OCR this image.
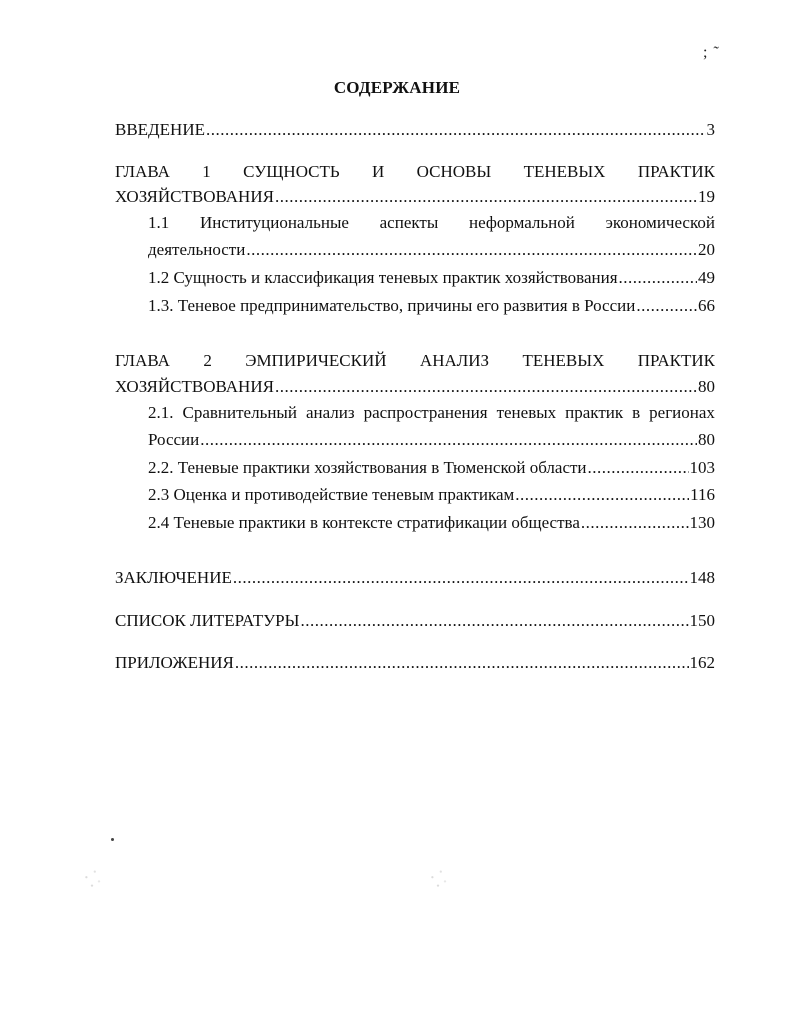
; ˜
СОДЕРЖАНИЕ
ВВЕДЕНИЕ .....	3
ГЛАВА 1 СУЩНОСТЬ И ОСНОВЫ ТЕНЕВЫХ ПРАКТИК
ХОЗЯЙСТВОВАНИЯ .....	19
1.1 Институциональные аспекты неформальной экономической
деятельности .....	20
1.2 Сущность и классификация теневых практик хозяйствования .....	49
1.3. Теневое предпринимательство, причины его развития в России .....	66
ГЛАВА 2 ЭМПИРИЧЕСКИЙ АНАЛИЗ ТЕНЕВЫХ ПРАКТИК
ХОЗЯЙСТВОВАНИЯ .....	80
2.1. Сравнительный анализ распространения теневых практик в регионах
России .....	80
2.2. Теневые практики хозяйствования в Тюменской области .....	103
2.3 Оценка и противодействие теневым практикам .....	116
2.4 Теневые практики в контексте стратификации общества .....	130
ЗАКЛЮЧЕНИЕ .....	148
СПИСОК ЛИТЕРАТУРЫ .....	150
ПРИЛОЖЕНИЯ .....	162
